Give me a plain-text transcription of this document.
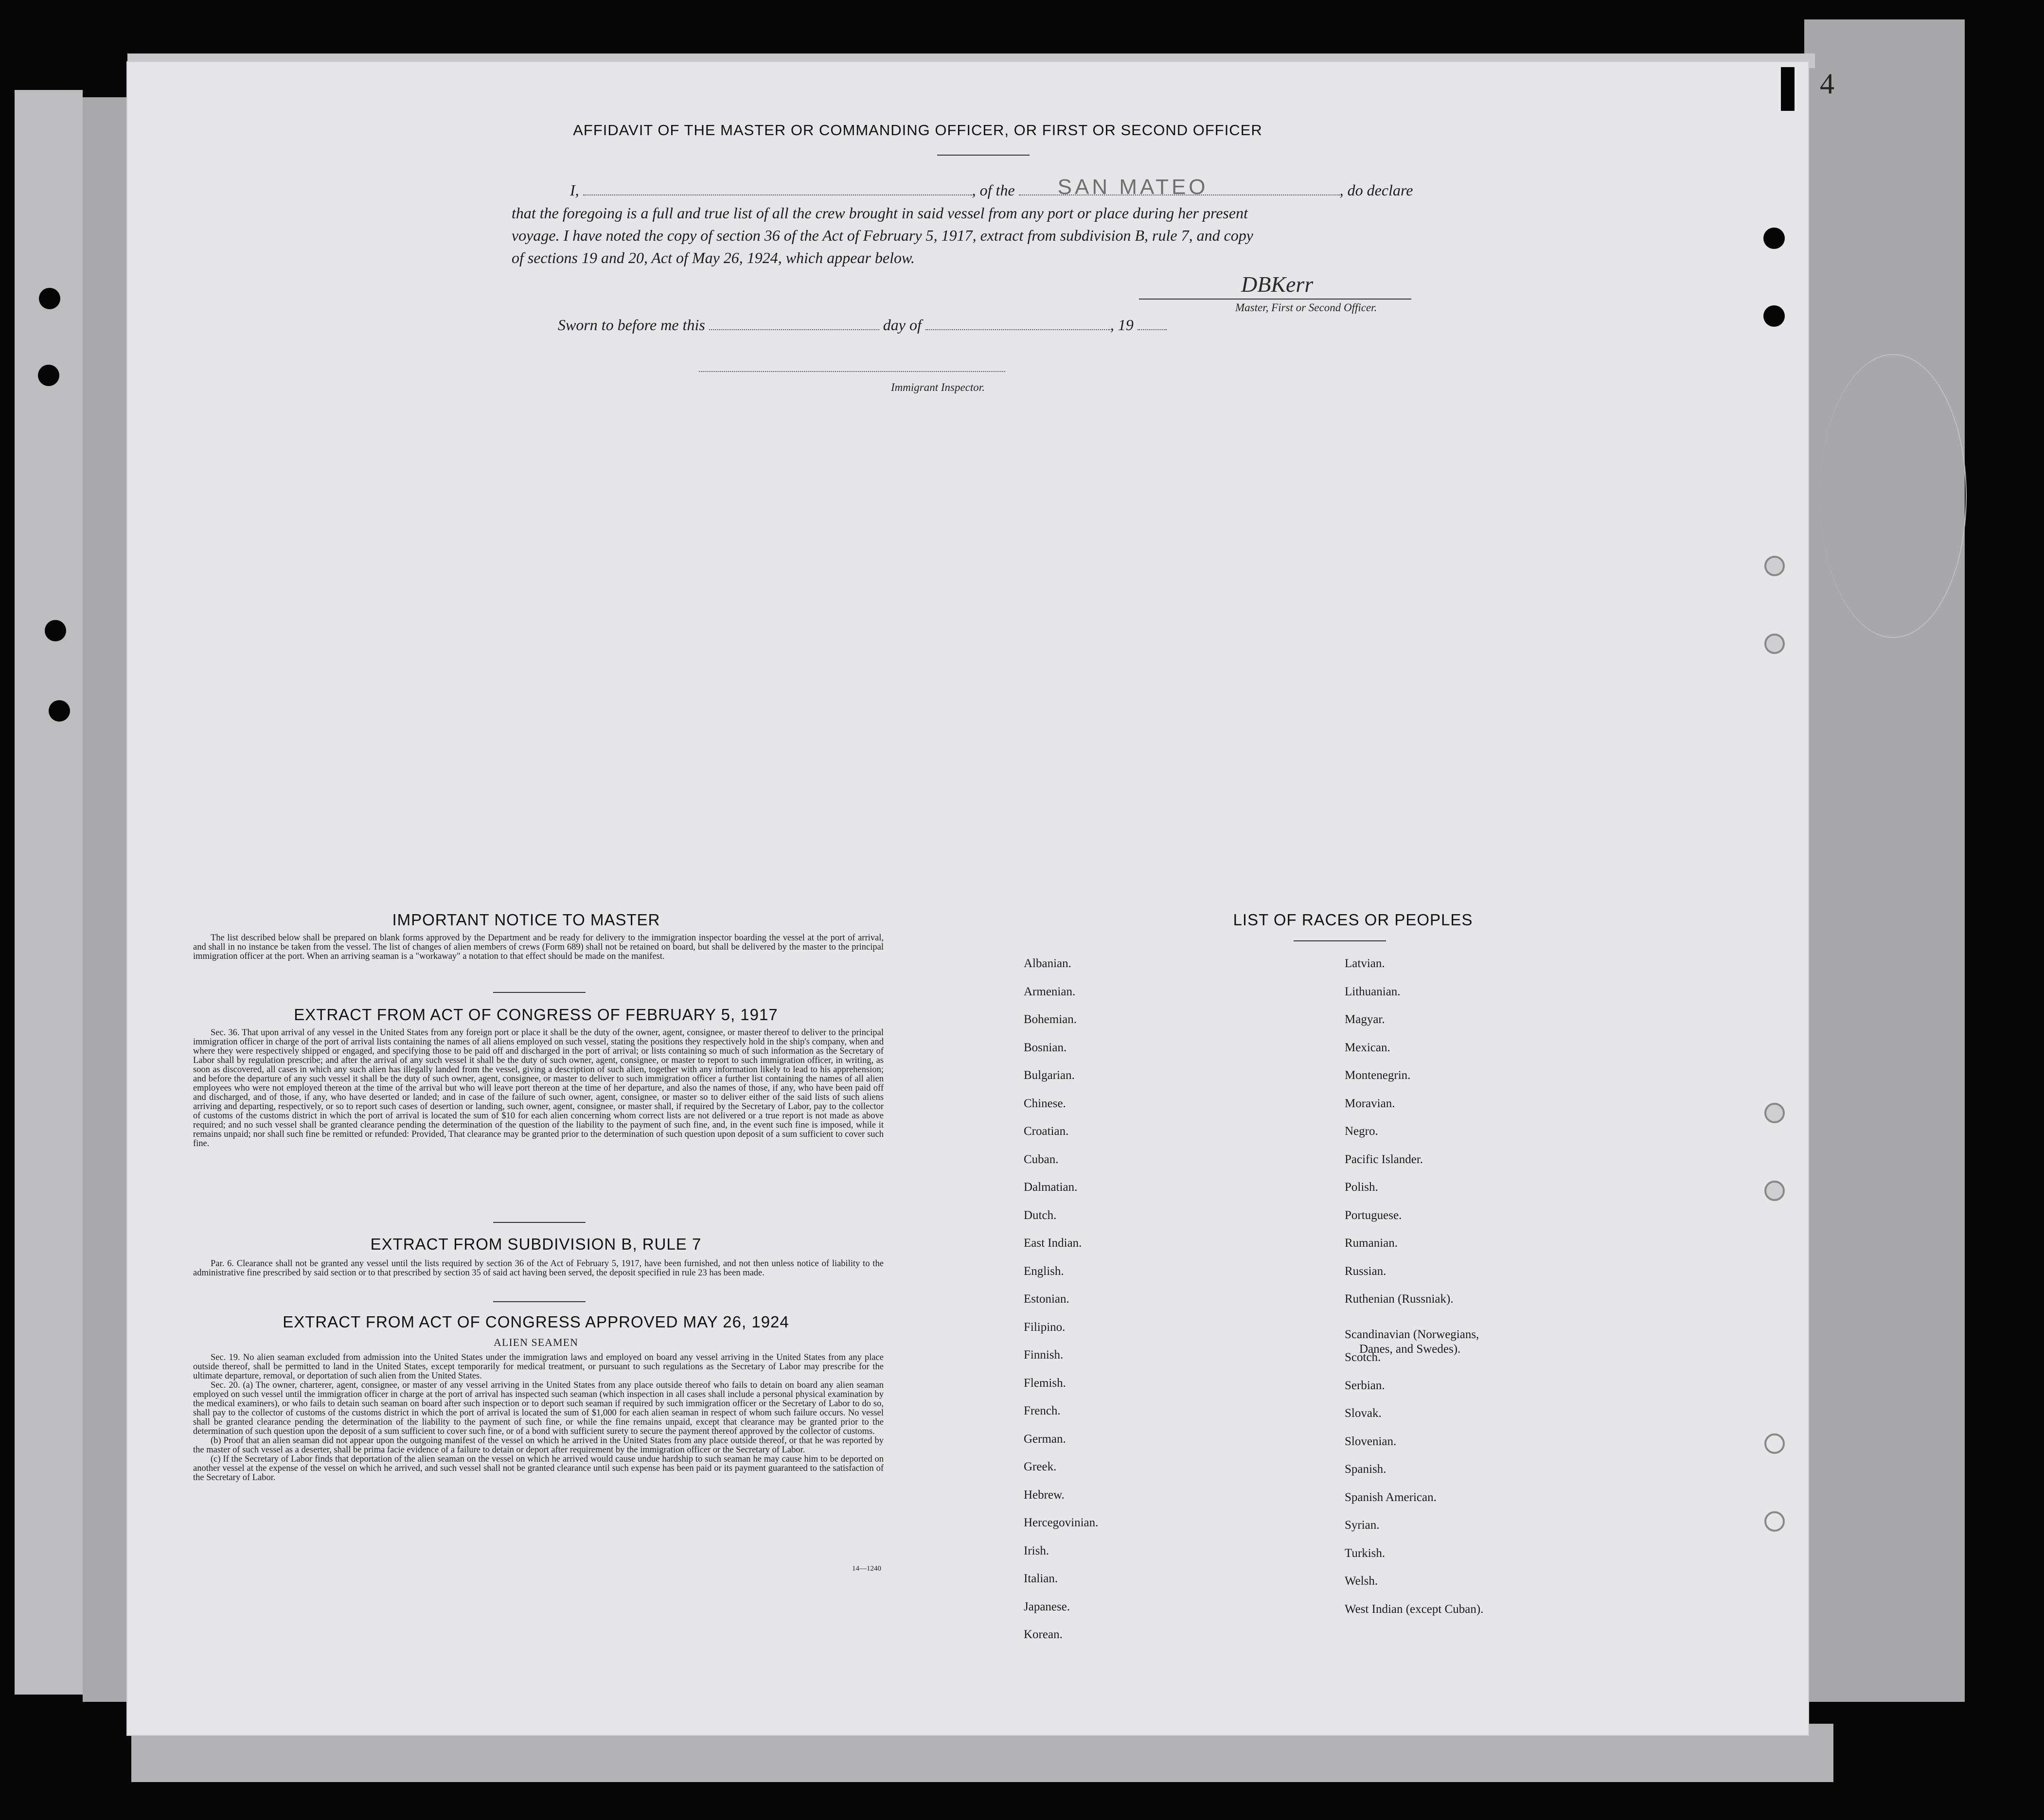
4
AFFIDAVIT OF THE MASTER OR COMMANDING OFFICER, OR FIRST OR SECOND OFFICER
I,	, of the SAN MATEO	, do declare
that the foregoing is a full and true list of all the crew brought in said vessel from any port or place during her present
voyage. I have noted the copy of section 36 of the Act of February 5, 1917, extract from subdivision B, rule 7, and copy
of sections 19 and 20, Act of May 26, 1924, which appear below.
DBKerr
Master, First or Second Officer.
Sworn to before me this	day of	, 19
Immigrant Inspector.
IMPORTANT NOTICE TO MASTER

The list described below shall be prepared on blank forms approved by the Department and be ready for delivery to the immigration inspector boarding the vessel at the port of arrival, and shall in no instance be taken from the vessel. The list of changes of alien members of crews (Form 689) shall not be retained on board, but shall be delivered by the master to the principal immigration officer at the port. When an arriving seaman is a "workaway" a notation to that effect should be made on the manifest.

EXTRACT FROM ACT OF CONGRESS OF FEBRUARY 5, 1917

Sec. 36. That upon arrival of any vessel in the United States from any foreign port or place it shall be the duty of the owner, agent, consignee, or master thereof to deliver to the principal immigration officer in charge of the port of arrival lists containing the names of all aliens employed on such vessel, stating the positions they respectively hold in the ship's company, when and where they were respectively shipped or engaged, and specifying those to be paid off and discharged in the port of arrival; or lists containing so much of such information as the Secretary of Labor shall by regulation prescribe; and after the arrival of any such vessel it shall be the duty of such owner, agent, consignee, or master to report to such immigration officer, in writing, as soon as discovered, all cases in which any such alien has illegally landed from the vessel, giving a description of such alien, together with any information likely to lead to his apprehension; and before the departure of any such vessel it shall be the duty of such owner, agent, consignee, or master to deliver to such immigration officer a further list containing the names of all alien employees who were not employed thereon at the time of the arrival but who will leave port thereon at the time of her departure, and also the names of those, if any, who have been paid off and discharged, and of those, if any, who have deserted or landed; and in case of the failure of such owner, agent, consignee, or master so to deliver either of the said lists of such aliens arriving and departing, respectively, or so to report such cases of desertion or landing, such owner, agent, consignee, or master shall, if required by the Secretary of Labor, pay to the collector of customs of the customs district in which the port of arrival is located the sum of $10 for each alien concerning whom correct lists are not delivered or a true report is not made as above required; and no such vessel shall be granted clearance pending the determination of the question of the liability to the payment of such fine, and, in the event such fine is imposed, while it remains unpaid; nor shall such fine be remitted or refunded: Provided, That clearance may be granted prior to the determination of such question upon deposit of a sum sufficient to cover such fine.

EXTRACT FROM SUBDIVISION B, RULE 7

Par. 6. Clearance shall not be granted any vessel until the lists required by section 36 of the Act of February 5, 1917, have been furnished, and not then unless notice of liability to the administrative fine prescribed by said section or to that prescribed by section 35 of said act having been served, the deposit specified in rule 23 has been made.

EXTRACT FROM ACT OF CONGRESS APPROVED MAY 26, 1924
ALIEN SEAMEN

Sec. 19. No alien seaman excluded from admission into the United States under the immigration laws and employed on board any vessel arriving in the United States from any place outside thereof, shall be permitted to land in the United States, except temporarily for medical treatment, or pursuant to such regulations as the Secretary of Labor may prescribe for the ultimate departure, removal, or deportation of such alien from the United States.

Sec. 20. (a) The owner, charterer, agent, consignee, or master of any vessel arriving in the United States from any place outside thereof who fails to detain on board any alien seaman employed on such vessel until the immigration officer in charge at the port of arrival has inspected such seaman (which inspection in all cases shall include a personal physical examination by the medical examiners), or who fails to detain such seaman on board after such inspection or to deport such seaman if required by such immigration officer or the Secretary of Labor to do so, shall pay to the collector of customs of the customs district in which the port of arrival is located the sum of $1,000 for each alien seaman in respect of whom such failure occurs. No vessel shall be granted clearance pending the determination of the liability to the payment of such fine, or while the fine remains unpaid, except that clearance may be granted prior to the determination of such question upon the deposit of a sum sufficient to cover such fine, or of a bond with sufficient surety to secure the payment thereof approved by the collector of customs.

(b) Proof that an alien seaman did not appear upon the outgoing manifest of the vessel on which he arrived in the United States from any place outside thereof, or that he was reported by the master of such vessel as a deserter, shall be prima facie evidence of a failure to detain or deport after requirement by the immigration officer or the Secretary of Labor.

(c) If the Secretary of Labor finds that deportation of the alien seaman on the vessel on which he arrived would cause undue hardship to such seaman he may cause him to be deported on another vessel at the expense of the vessel on which he arrived, and such vessel shall not be granted clearance until such expense has been paid or its payment guaranteed to the satisfaction of the Secretary of Labor.

14—1240
LIST OF RACES OR PEOPLES
Albanian.
Armenian.
Bohemian.
Bosnian.
Bulgarian.
Chinese.
Croatian.
Cuban.
Dalmatian.
Dutch.
East Indian.
English.
Estonian.
Filipino.
Finnish.
Flemish.
French.
German.
Greek.
Hebrew.
Hercegovinian.
Irish.
Italian.
Japanese.
Korean.
Latvian.
Lithuanian.
Magyar.
Mexican.
Montenegrin.
Moravian.
Negro.
Pacific Islander.
Polish.
Portuguese.
Rumanian.
Russian.
Ruthenian (Russniak).
Scandinavian (Norwegians,
Danes, and Swedes).
Scotch.
Serbian.
Slovak.
Slovenian.
Spanish.
Spanish American.
Syrian.
Turkish.
Welsh.
West Indian (except Cuban).
